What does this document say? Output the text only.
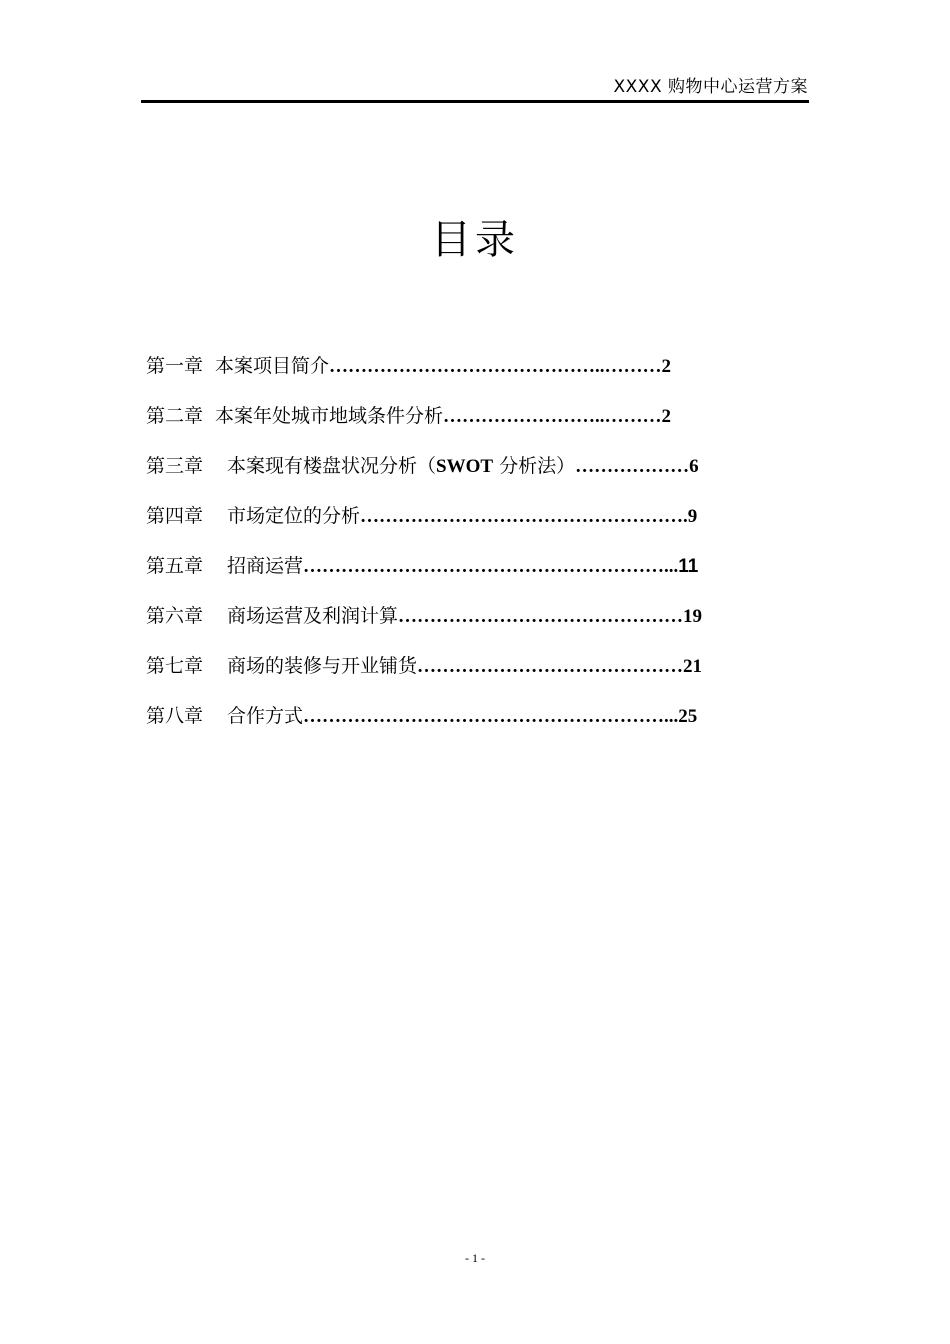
XXXX 购物中心运营方案
目录
第一章 本案项目简介……………………………………..………2
第二章 本案年处城市地域条件分析……………………..………2
第三章 本案现有楼盘状况分析（SWOT 分析法）………………6
第四章 市场定位的分析…………………………………………….9
第五章 招商运营…………………………………………………...11
第六章 商场运营及利润计算………………………………………19
第七章 商场的装修与开业铺货……………………………………21
第八章 合作方式…………………………………………………...25
- 1 -
